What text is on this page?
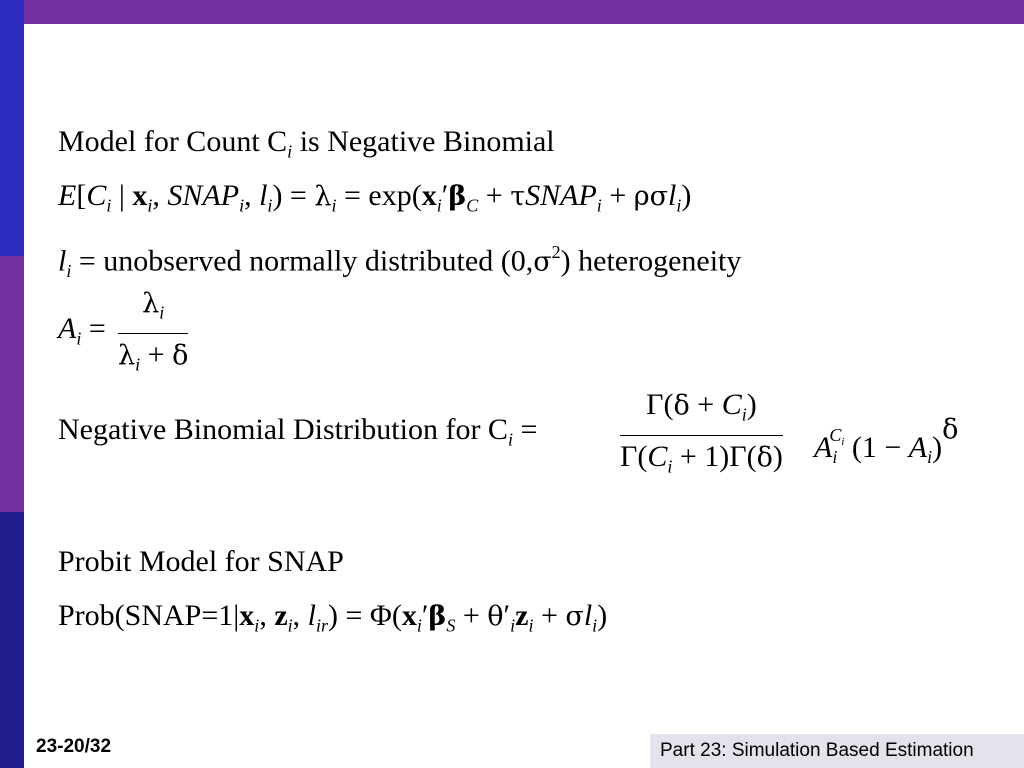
Model for Count $C_i$ is Negative Binomial
$E[C_i$ | $x_i$, $SNAP_i$, $l_i) = \lambda_i = \exp(x_i'\beta_C$ + τSNAP$_i$ + ρσl$_i$)
$l_i$ = unobserved normally distributed $(0,\sigma^2)$ heterogeneity
$A_i = \frac{\lambda_i}{\lambda_i + \delta}$
Negative Binomial Distribution for $C_i$ =	$\frac{\Gamma(\delta + C_i)}{\Gamma(C_i + 1)\Gamma(\delta)} A_i^{C_i}$ $(1 - A_i)^\delta$
Probit Model for SNAP
$Prob(SNAP=1|x_i$, $z_i$, $l_{ir}) = \Phi(x_i'\beta_S + \theta'_iz_i + \sigma l_i)$
23-20/32	Part 23: Simulation Based Estimation
